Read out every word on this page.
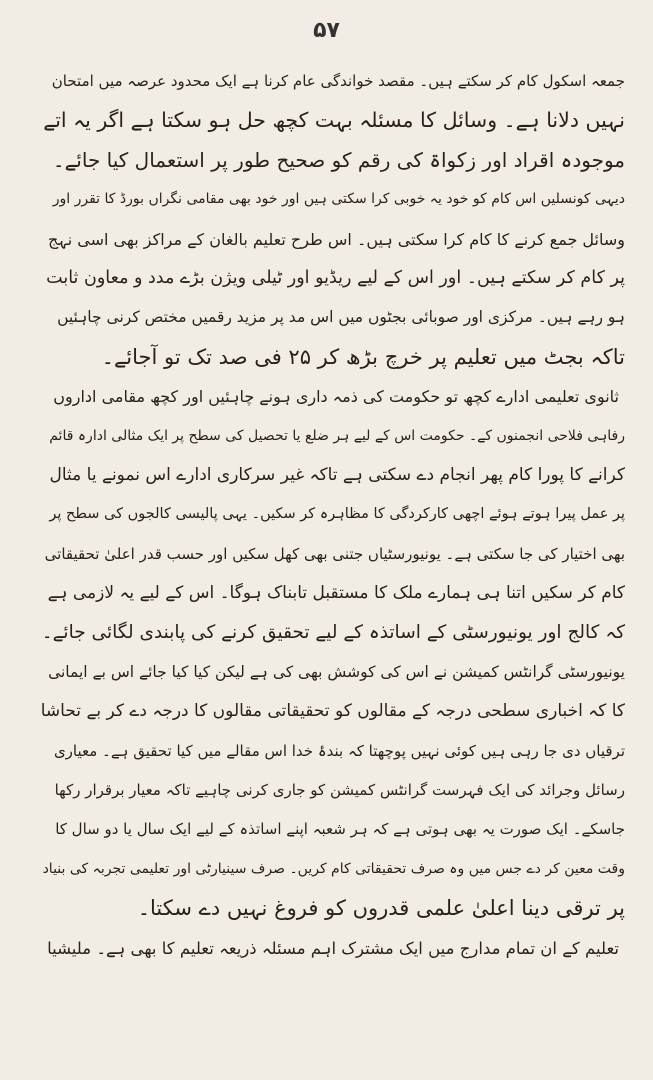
۵۷
جمعہ اسکول کام کر سکتے ہیں۔ مقصد خواندگی عام کرنا ہے ایک محدود عرصہ میں امتحان
نہیں دلانا ہے۔ وسائل کا مسئلہ بہت کچھ حل ہو سکتا ہے اگر یہ اتے
موجودہ اقراد اور زکواۃ کی رقم کو صحیح طور پر استعمال کیا جائے۔
دیہی کونسلیں اس کام کو خود یہ خوبی کرا سکتی ہیں اور خود بھی مقامی نگراں بورڈ کا تقرر اور
وسائل جمع کرنے کا کام کرا سکتی ہیں۔ اس طرح تعلیم بالغان کے مراکز بھی اسی نہج
پر کام کر سکتے ہیں۔ اور اس کے لیے ریڈیو اور ٹیلی ویژن بڑے مدد و معاون ثابت
ہو رہے ہیں۔ مرکزی اور صوبائی بجٹوں میں اس مد پر مزید رقمیں مختص کرنی چاہئیں
تاکہ بجٹ میں تعلیم پر خرچ بڑھ کر ۲۵ فی صد تک تو آجائے۔
ثانوی تعلیمی ادارے کچھ تو حکومت کی ذمہ داری ہونے چاہئیں اور کچھ مقامی اداروں
رفاہی فلاحی انجمنوں کے۔ حکومت اس کے لیے ہر ضلع یا تحصیل کی سطح پر ایک مثالی ادارہ قائم
کرانے کا پورا کام پھر انجام دے سکتی ہے تاکہ غیر سرکاری ادارے اس نمونے یا مثال
پر عمل پیرا ہوتے ہوئے اچھی کارکردگی کا مظاہرہ کر سکیں۔ یہی پالیسی کالجوں کی سطح پر
بھی اختیار کی جا سکتی ہے۔ یونیورسٹیاں جتنی بھی کھل سکیں اور حسب قدر اعلیٰ تحقیقاتی
کام کر سکیں اتنا ہی ہمارے ملک کا مستقبل تابناک ہوگا۔ اس کے لیے یہ لازمی ہے
کہ کالج اور یونیورسٹی کے اساتذہ کے لیے تحقیق کرنے کی پابندی لگائی جائے۔
یونیورسٹی گرانٹس کمیشن نے اس کی کوشش بھی کی ہے لیکن کیا کیا جائے اس بے ایمانی
کا کہ اخباری سطحی درجہ کے مقالوں کو تحقیقاتی مقالوں کا درجہ دے کر بے تحاشا
ترقیاں دی جا رہی ہیں کوئی نہیں پوچھتا کہ بندۂ خدا اس مقالے میں کیا تحقیق ہے۔ معیاری
رسائل وجرائد کی ایک فہرست گرانٹس کمیشن کو جاری کرنی چاہیے تاکہ معیار برقرار رکھا
جاسکے۔ ایک صورت یہ بھی ہوتی ہے کہ ہر شعبہ اپنے اساتذہ کے لیے ایک سال یا دو سال کا
وقت معین کر دے جس میں وہ صرف تحقیقاتی کام کریں۔ صرف سینیارٹی اور تعلیمی تجربہ کی بنیاد
پر ترقی دینا اعلیٰ علمی قدروں کو فروغ نہیں دے سکتا۔
تعلیم کے ان تمام مدارج میں ایک مشترک اہم مسئلہ ذریعہ تعلیم کا بھی ہے۔ ملیشیا
